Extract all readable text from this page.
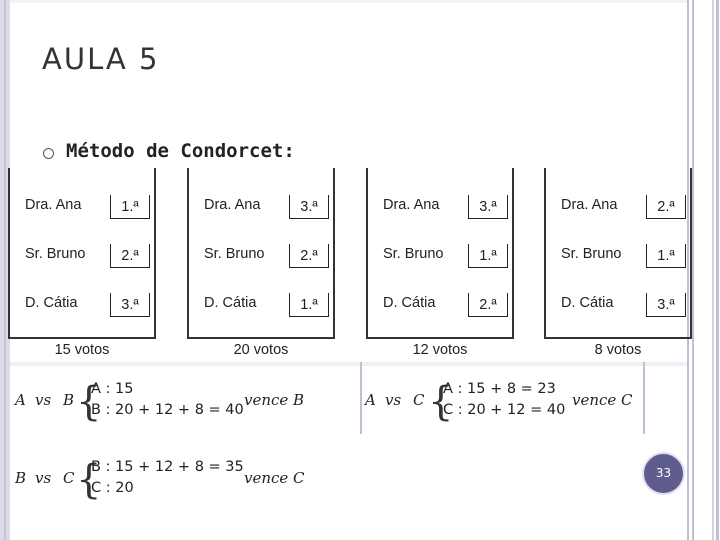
AULA 5
Método de Condorcet:
Dra. Ana	1.ª
Sr. Bruno	2.ª
D. Cátia	3.ª
15 votos
Dra. Ana	3.ª
Sr. Bruno	2.ª
D. Cátia	1.ª
20 votos
Dra. Ana	3.ª
Sr. Bruno	1.ª
D. Cátia	2.ª
12 votos
Dra. Ana	2.ª
Sr. Bruno	1.ª
D. Cátia	3.ª
8 votos
A vs B {
A : 15
B : 20 + 12 + 8 = 40
vence B	A vs C {
A : 15 + 8 = 23
C : 20 + 12 = 40
vence C
B vs C {
B : 15 + 12 + 8 = 35
C : 20
vence C	33
